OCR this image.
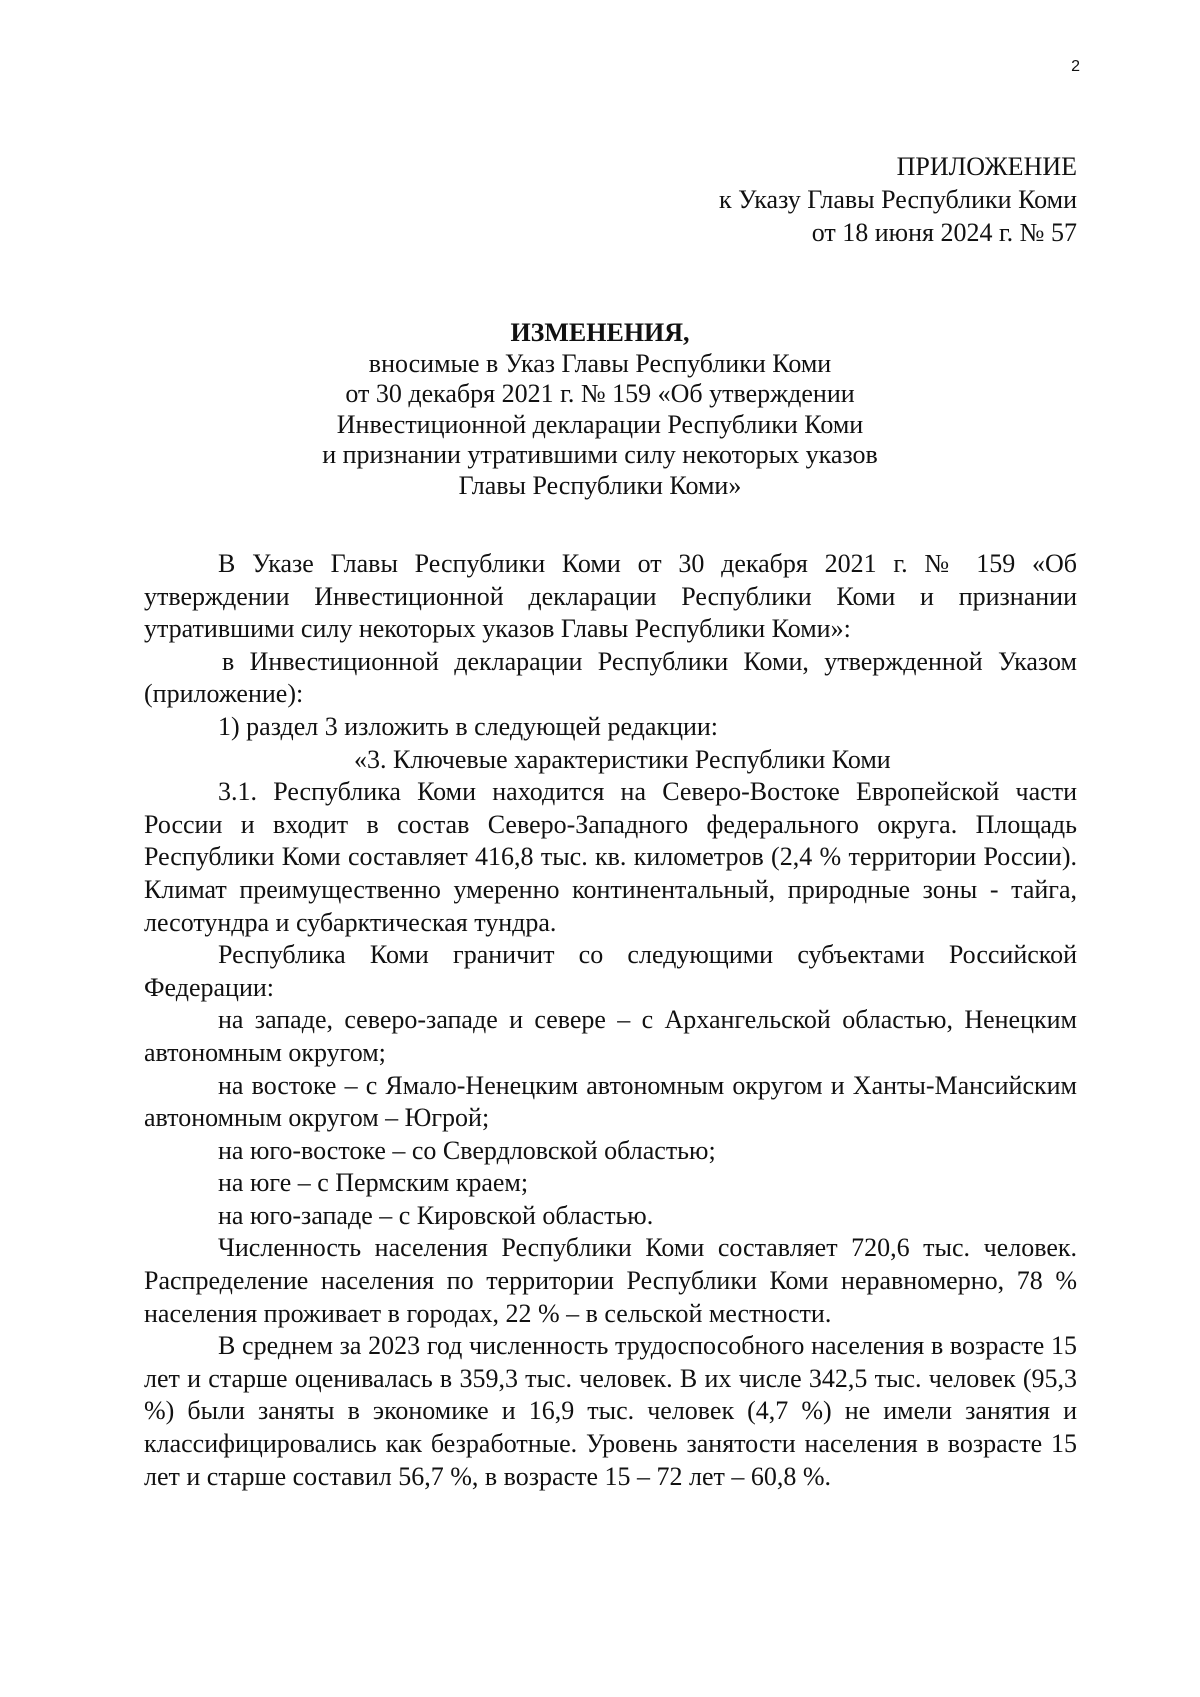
2
ПРИЛОЖЕНИЕ
к Указу Главы Республики Коми
от 18 июня 2024 г. № 57
ИЗМЕНЕНИЯ,
вносимые в Указ Главы Республики Коми
от 30 декабря 2021 г. № 159 «Об утверждении
Инвестиционной декларации Республики Коми
и признании утратившими силу некоторых указов
Главы Республики Коми»

В Указе Главы Республики Коми от 30 декабря 2021 г. № 159 «Об утверждении Инвестиционной декларации Республики Коми и признании утратившими силу некоторых указов Главы Республики Коми»:

в Инвестиционной декларации Республики Коми, утвержденной Указом (приложение):

1) раздел 3 изложить в следующей редакции:

«3. Ключевые характеристики Республики Коми

3.1. Республика Коми находится на Северо-Востоке Европейской части России и входит в состав Северо-Западного федерального округа. Площадь Республики Коми составляет 416,8 тыс. кв. километров (2,4 % территории России). Климат преимущественно умеренно континентальный, природные зоны - тайга, лесотундра и субарктическая тундра.

Республика Коми граничит со следующими субъектами Российской Федерации:

на западе, северо-западе и севере – с Архангельской областью, Ненецким автономным округом;

на востоке – с Ямало-Ненецким автономным округом и Ханты-Мансийским автономным округом – Югрой;

на юго-востоке – со Свердловской областью;

на юге – с Пермским краем;

на юго-западе – с Кировской областью.

Численность населения Республики Коми составляет 720,6 тыс. человек. Распределение населения по территории Республики Коми неравномерно, 78 % населения проживает в городах, 22 % – в сельской местности.

В среднем за 2023 год численность трудоспособного населения в возрасте 15 лет и старше оценивалась в 359,3 тыс. человек. В их числе 342,5 тыс. человек (95,3 %) были заняты в экономике и 16,9 тыс. человек (4,7 %) не имели занятия и классифицировались как безработные. Уровень занятости населения в возрасте 15 лет и старше составил 56,7 %, в возрасте 15 – 72 лет – 60,8 %.
